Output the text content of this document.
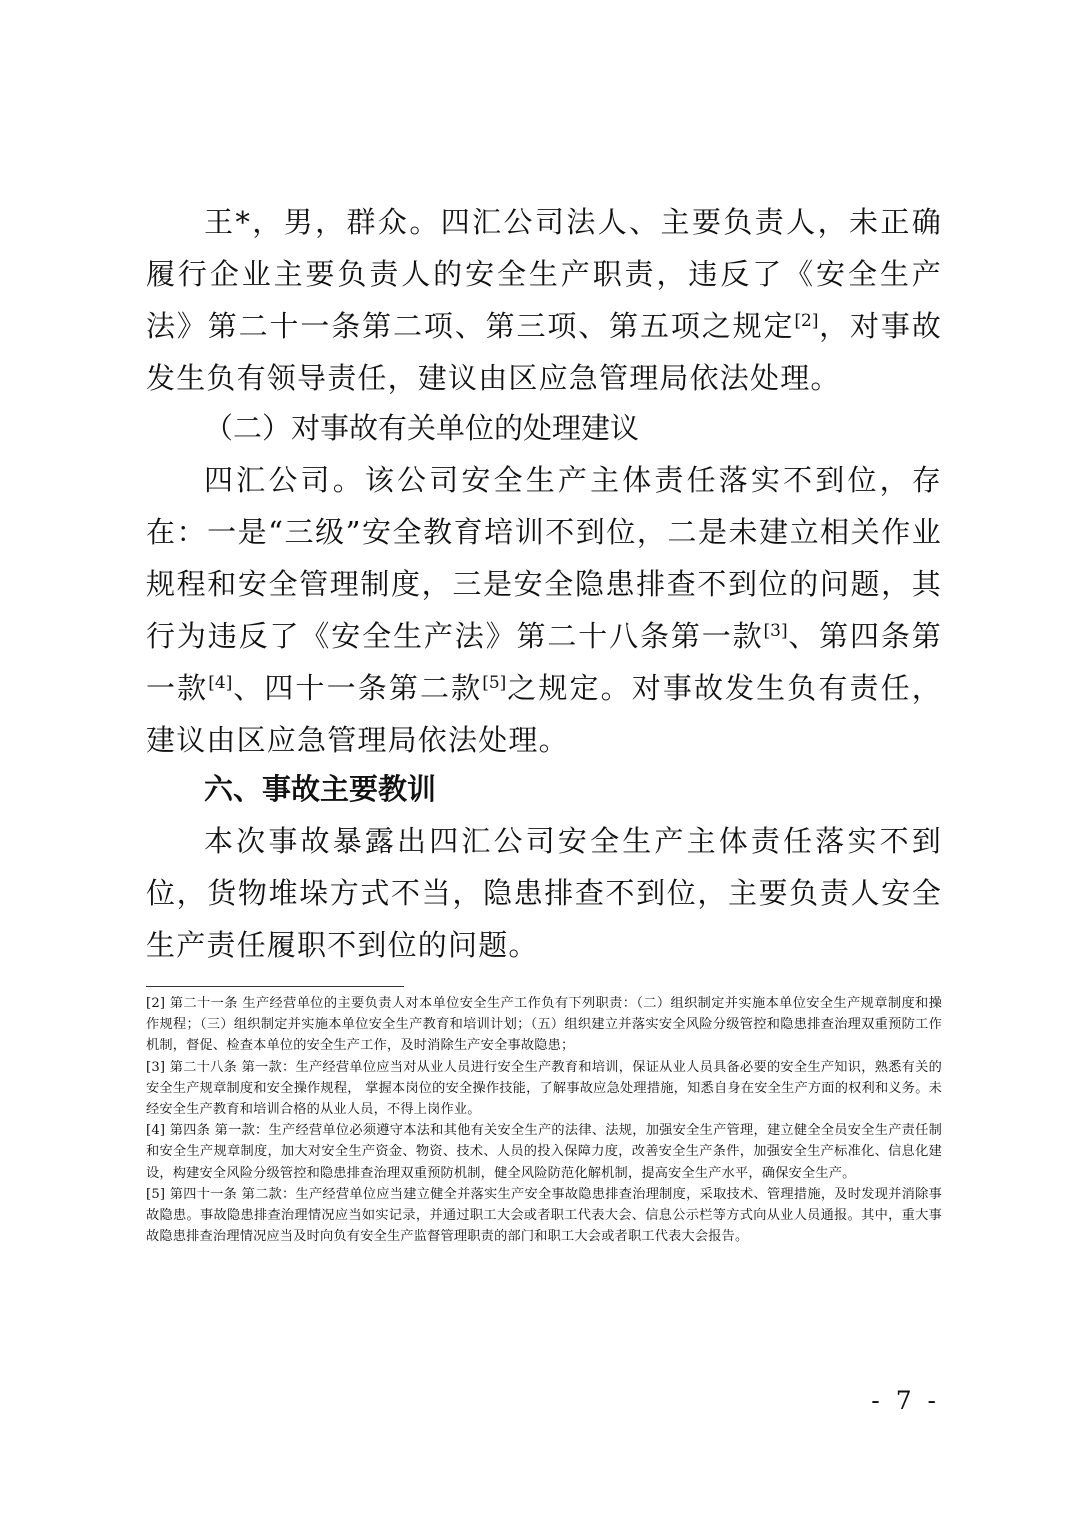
王*，男，群众。四汇公司法人、主要负责人，未正确履行企业主要负责人的安全生产职责，违反了《安全生产法》第二十一条第二项、第三项、第五项之规定[2]，对事故发生负有领导责任，建议由区应急管理局依法处理。

（二）对事故有关单位的处理建议

四汇公司。该公司安全生产主体责任落实不到位，存在：一是“三级”安全教育培训不到位，二是未建立相关作业规程和安全管理制度，三是安全隐患排查不到位的问题，其行为违反了《安全生产法》第二十八条第一款[3]、第四条第一款[4]、四十一条第二款[5]之规定。对事故发生负有责任，建议由区应急管理局依法处理。

六、事故主要教训

本次事故暴露出四汇公司安全生产主体责任落实不到位，货物堆垛方式不当，隐患排查不到位，主要负责人安全生产责任履职不到位的问题。

[2] 第二十一条 生产经营单位的主要负责人对本单位安全生产工作负有下列职责：（二）组织制定并实施本单位安全生产规章制度和操作规程；（三）组织制定并实施本单位安全生产教育和培训计划；（五）组织建立并落实安全风险分级管控和隐患排查治理双重预防工作机制，督促、检查本单位的安全生产工作，及时消除生产安全事故隐患；

[3] 第二十八条 第一款：生产经营单位应当对从业人员进行安全生产教育和培训，保证从业人员具备必要的安全生产知识，熟悉有关的安全生产规章制度和安全操作规程， 掌握本岗位的安全操作技能，了解事故应急处理措施，知悉自身在安全生产方面的权利和义务。未经安全生产教育和培训合格的从业人员，不得上岗作业。

[4] 第四条 第一款：生产经营单位必须遵守本法和其他有关安全生产的法律、法规，加强安全生产管理，建立健全全员安全生产责任制和安全生产规章制度，加大对安全生产资金、物资、技术、人员的投入保障力度，改善安全生产条件，加强安全生产标准化、信息化建设，构建安全风险分级管控和隐患排查治理双重预防机制，健全风险防范化解机制，提高安全生产水平，确保安全生产。

[5] 第四十一条 第二款：生产经营单位应当建立健全并落实生产安全事故隐患排查治理制度，采取技术、管理措施，及时发现并消除事故隐患。事故隐患排查治理情况应当如实记录，并通过职工大会或者职工代表大会、信息公示栏等方式向从业人员通报。其中，重大事故隐患排查治理情况应当及时向负有安全生产监督管理职责的部门和职工大会或者职工代表大会报告。

- 7 -
